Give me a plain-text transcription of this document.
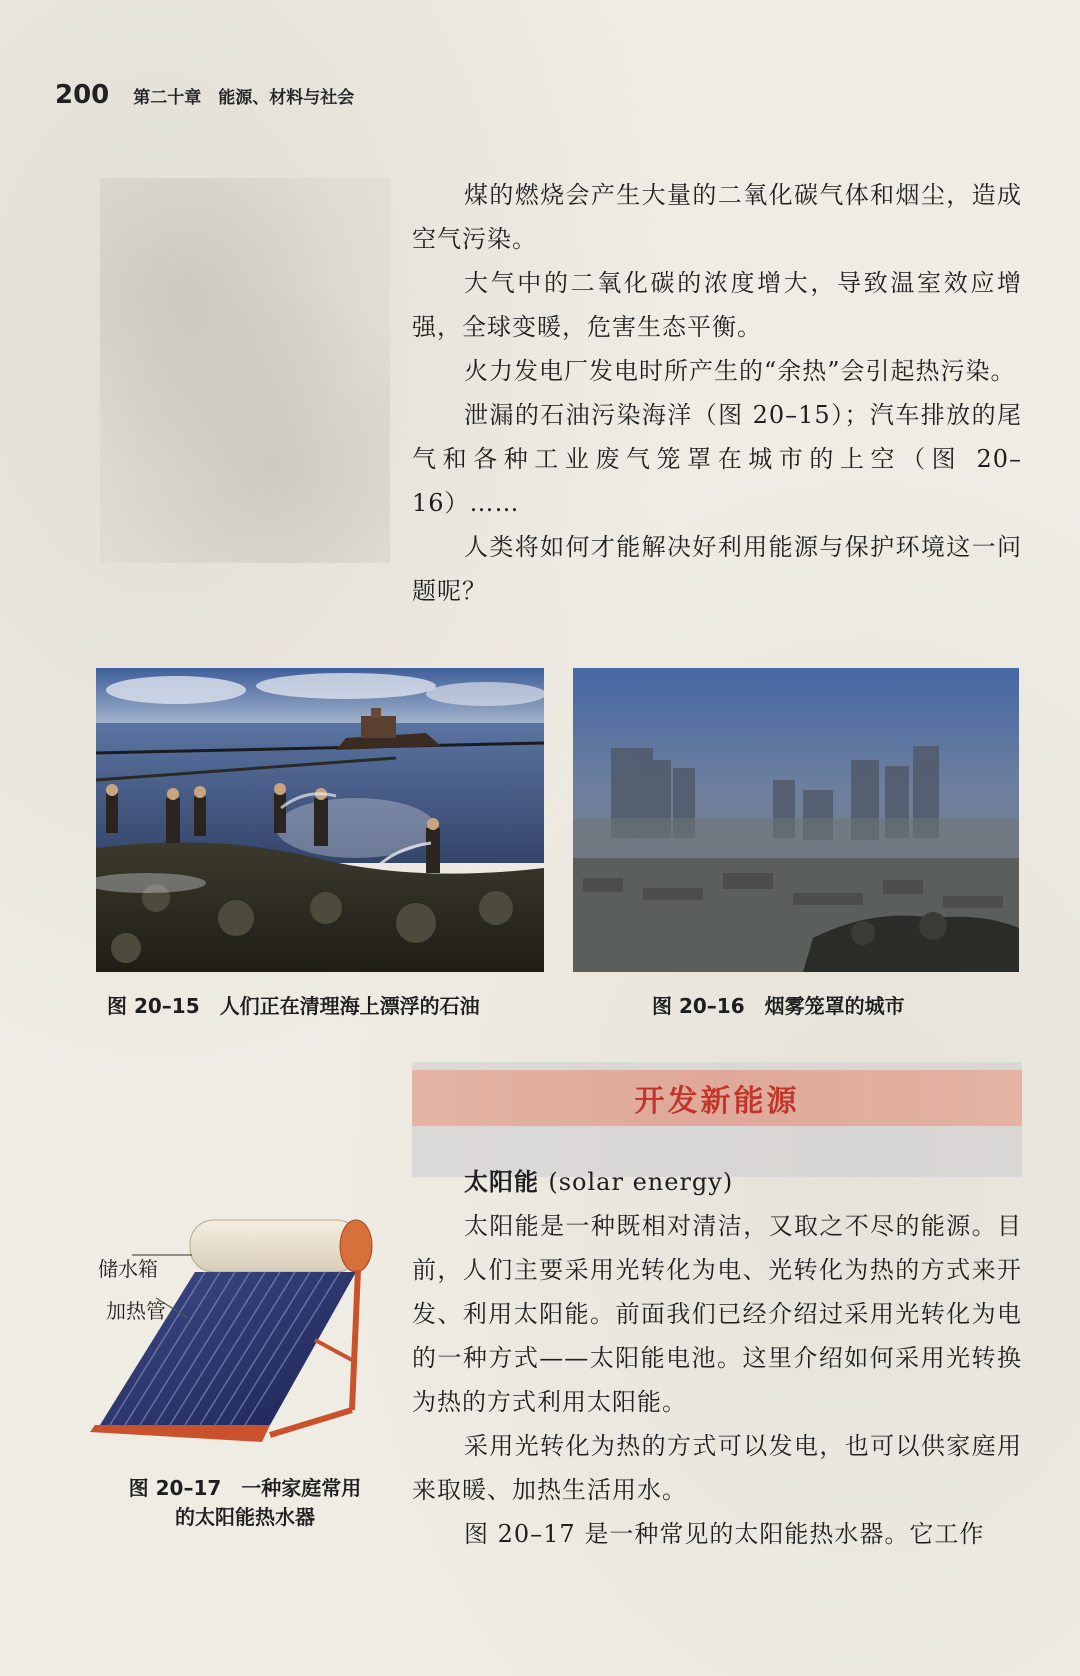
200 第二十章　能源、材料与社会

煤的燃烧会产生大量的二氧化碳气体和烟尘，造成空气污染。

大气中的二氧化碳的浓度增大，导致温室效应增强，全球变暖，危害生态平衡。

火力发电厂发电时所产生的“余热”会引起热污染。

泄漏的石油污染海洋（图 20–15）；汽车排放的尾气和各种工业废气笼罩在城市的上空（图 20–16）……

人类将如何才能解决好利用能源与保护环境这一问题呢？

图 20–15　人们正在清理海上漂浮的石油	图 20–16　烟雾笼罩的城市
开发新能源

太阳能 (solar energy)

太阳能是一种既相对清洁，又取之不尽的能源。目前，人们主要采用光转化为电、光转化为热的方式来开发、利用太阳能。前面我们已经介绍过采用光转化为电的一种方式——太阳能电池。这里介绍如何采用光转换为热的方式利用太阳能。

采用光转化为热的方式可以发电，也可以供家庭用来取暖、加热生活用水。

图 20–17 是一种常见的太阳能热水器。它工作

储水箱
加热管
图 20–17　一种家庭常用
的太阳能热水器
